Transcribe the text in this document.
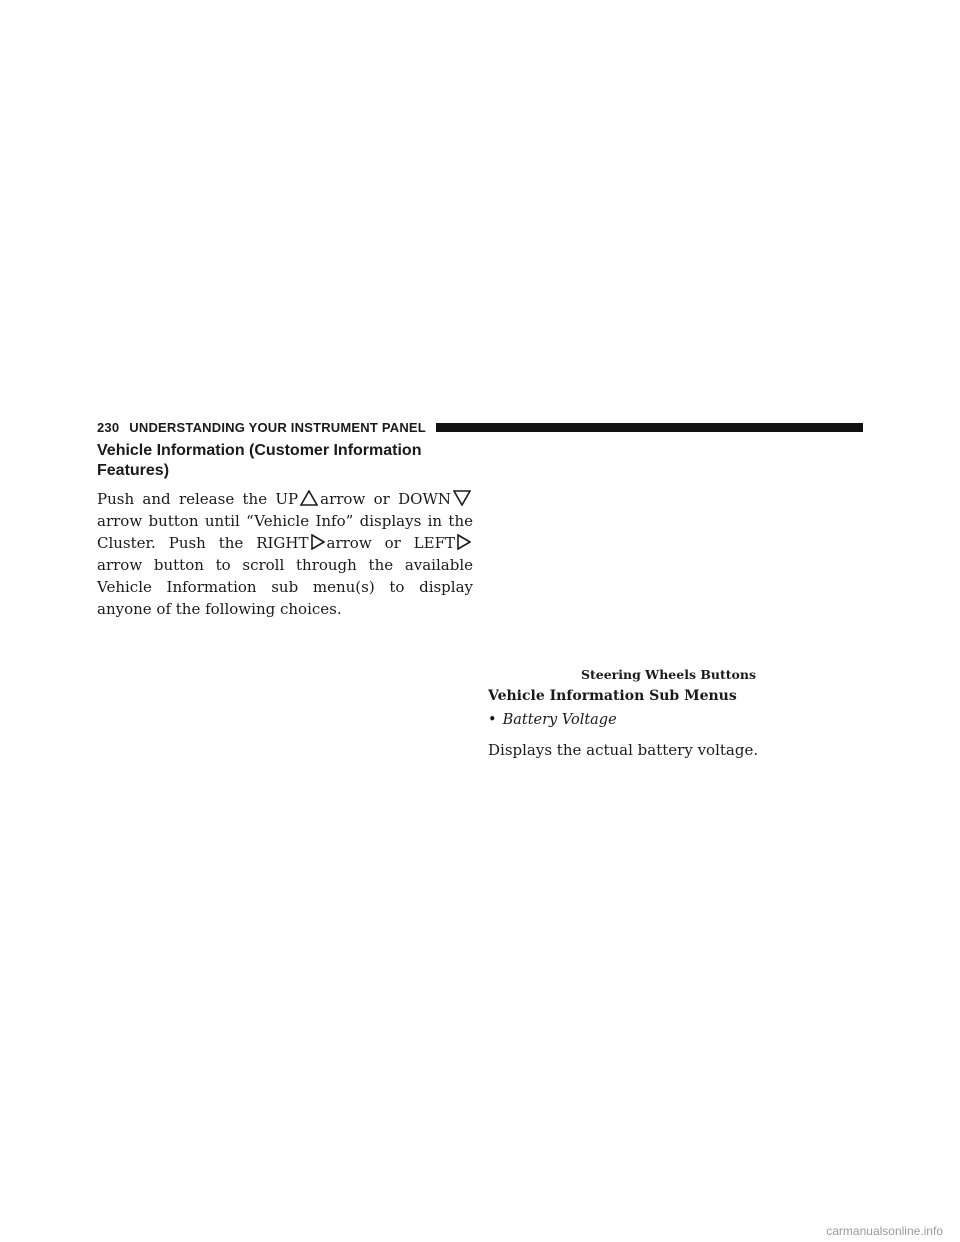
230 UNDERSTANDING YOUR INSTRUMENT PANEL
Vehicle Information (Customer Information Features)

Push and release the UP arrow or DOWN
arrow button until “Vehicle Info” displays in the Cluster. Push the RIGHT arrow or LEFT
arrow button to scroll through the available Vehicle Information sub menu(s) to display anyone of the following choices.

Steering Wheels Buttons
Vehicle Information Sub Menus

• Battery Voltage

Displays the actual battery voltage.

carmanualsonline.info
